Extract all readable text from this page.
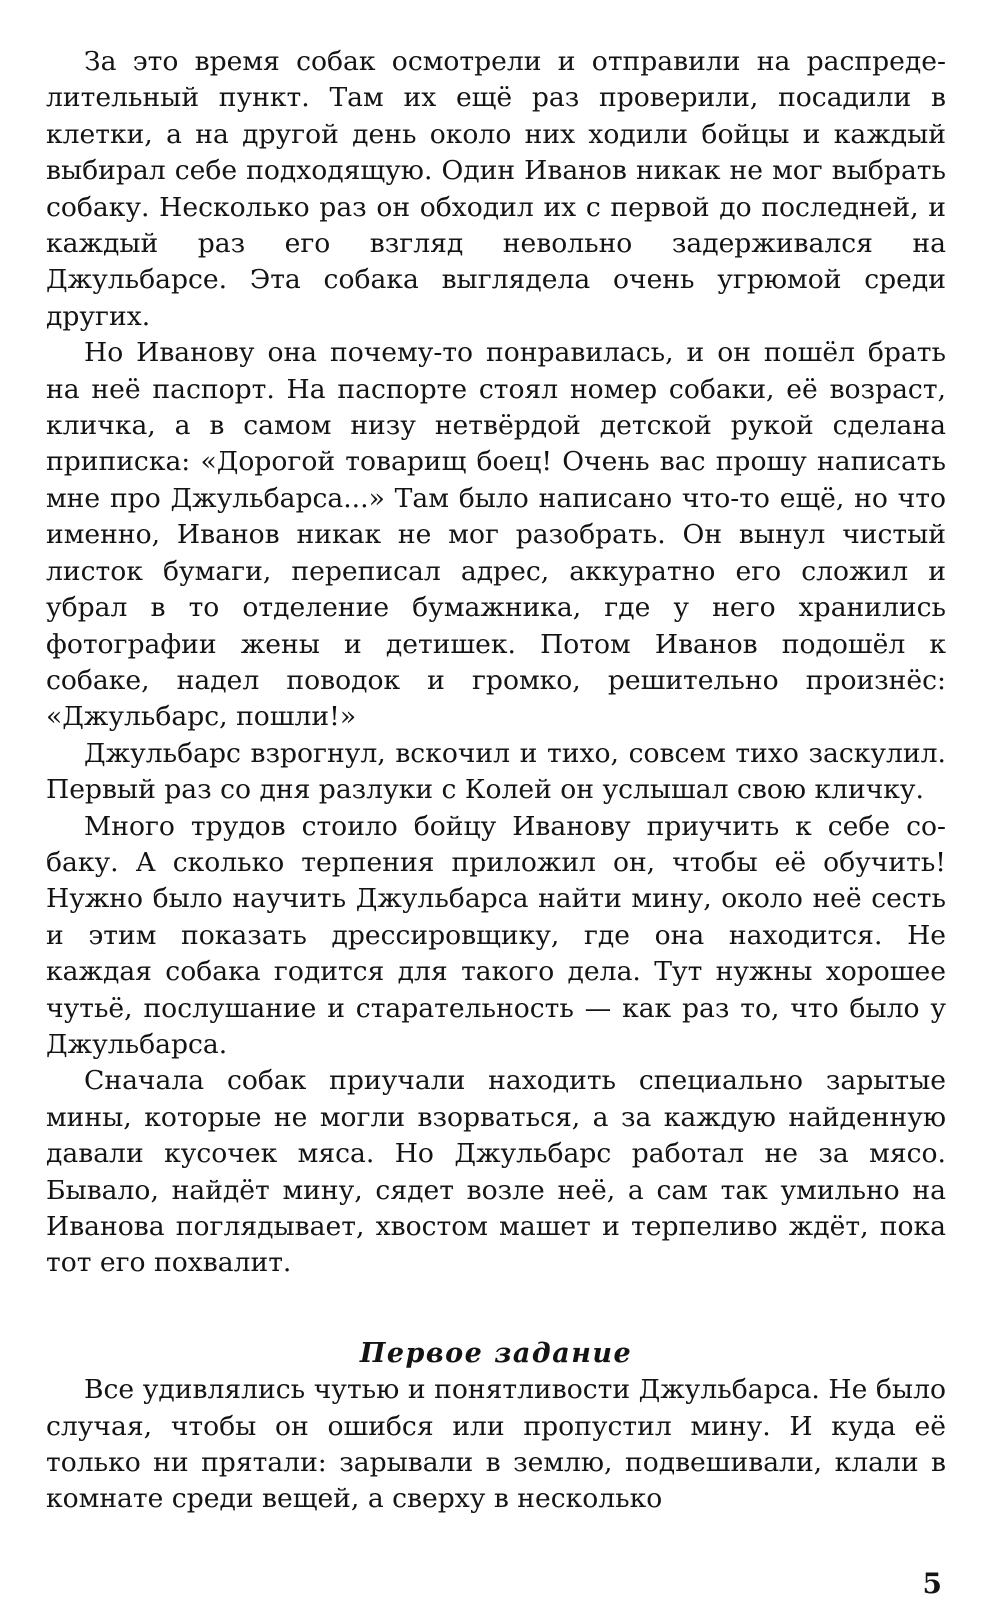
За это время собак осмотрели и отправили на распределительный пункт. Там их ещё раз проверили, посадили в клетки, а на другой день около них ходили бойцы и каждый выбирал себе подходящую. Один Иванов никак не мог выбрать собаку. Несколько раз он обходил их с первой до последней, и каждый раз его взгляд невольно задерживался на Джульбарсе. Эта собака выглядела очень угрюмой среди других.

Но Иванову она почему-то понравилась, и он пошёл брать на неё паспорт. На паспорте стоял номер собаки, её возраст, кличка, а в самом низу нетвёрдой детской рукой сделана приписка: «Дорогой товарищ боец! Очень вас прошу написать мне про Джульбарса...» Там было написано что-то ещё, но что именно, Иванов никак не мог разобрать. Он вынул чистый листок бумаги, переписал адрес, аккуратно его сложил и убрал в то отделение бумажника, где у него хранились фотографии жены и детишек. Потом Иванов подошёл к собаке, надел поводок и громко, решительно произнёс: «Джульбарс, пошли!»

Джульбарс взрогнул, вскочил и тихо, совсем тихо заскулил. Первый раз со дня разлуки с Колей он услышал свою кличку.

Много трудов стоило бойцу Иванову приучить к себе собаку. А сколько терпения приложил он, чтобы её обучить! Нужно было научить Джульбарса найти мину, около неё сесть и этим показать дрессировщику, где она находится. Не каждая собака годится для такого дела. Тут нужны хорошее чутьё, послушание и старательность — как раз то, что было у Джульбарса.

Сначала собак приучали находить специально зарытые мины, которые не могли взорваться, а за каждую найденную давали кусочек мяса. Но Джульбарс работал не за мясо. Бывало, найдёт мину, сядет возле неё, а сам так умильно на Иванова поглядывает, хвостом машет и терпеливо ждёт, пока тот его похвалит.

Первое задание

Все удивлялись чутью и понятливости Джульбарса. Не было случая, чтобы он ошибся или пропустил мину. И куда её только ни прятали: зарывали в землю, подвешивали, клали в комнате среди вещей, а сверху в несколько

5
